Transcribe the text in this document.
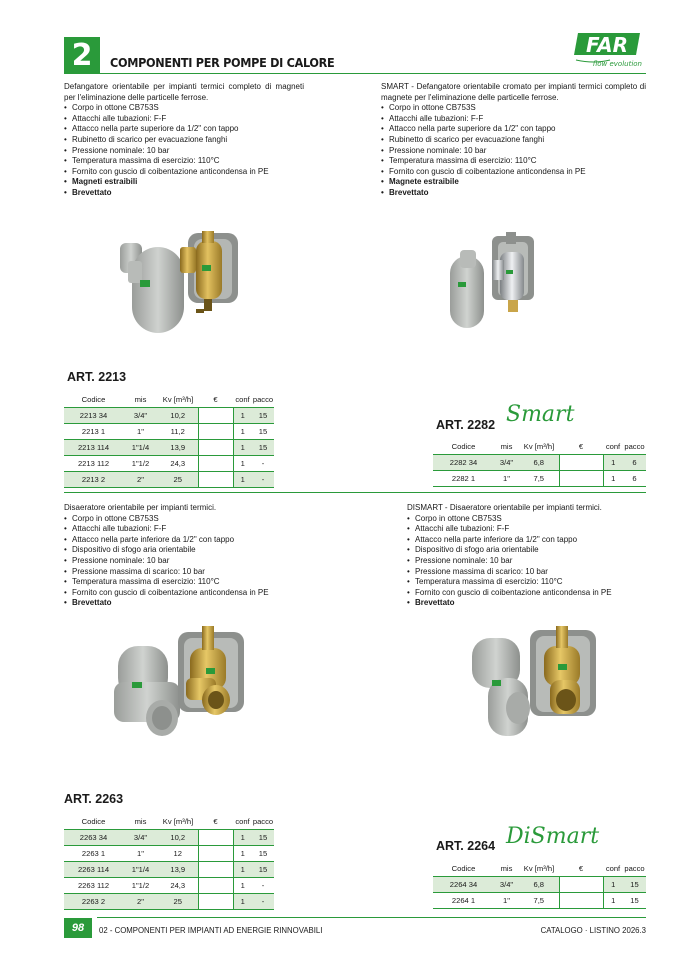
2	COMPONENTI PER POMPE DI CALORE
FAR
flow evolution

Defangatore orientabile per impianti termici completo di magneti per l'eliminazione delle particelle ferrose.

• Corpo in ottone CB753S
• Attacchi alle tubazioni: F-F
• Attacco nella parte superiore da 1/2" con tappo
• Rubinetto di scarico per evacuazione fanghi
• Pressione nominale: 10 bar
• Temperatura massima di esercizio: 110°C
• Fornito con guscio di coibentazione anticondensa in PE
• Magneti estraibili
• Brevettato

SMART - Defangatore orientabile cromato per impianti termici completo di magnete per l'eliminazione delle particelle ferrose.

• Corpo in ottone CB753S
• Attacchi alle tubazioni: F-F
• Attacco nella parte superiore da 1/2" con tappo
• Rubinetto di scarico per evacuazione fanghi
• Pressione nominale: 10 bar
• Temperatura massima di esercizio: 110°C
• Fornito con guscio di coibentazione anticondensa in PE
• Magnete estraibile
• Brevettato
ART. 2213
Codice	mis	Kv [m³/h]	€	conf	pacco
2213 34	3/4"	10,2		1	15
2213 1	1"	11,2		1	15
2213 114	1"1/4	13,9		1	15
2213 112	1"1/2	24,3		1	-
2213 2	2"	25		1	-
ART. 2282 Smart
Codice	mis	Kv [m³/h]	€	conf	pacco
2282 34	3/4"	6,8		1	6
2282 1	1"	7,5		1	6

Disaeratore orientabile per impianti termici.

• Corpo in ottone CB753S
• Attacchi alle tubazioni: F-F
• Attacco nella parte inferiore da 1/2" con tappo
• Dispositivo di sfogo aria orientabile
• Pressione nominale: 10 bar
• Pressione massima di scarico: 10 bar
• Temperatura massima di esercizio: 110°C
• Fornito con guscio di coibentazione anticondensa in PE
• Brevettato

DISMART - Disaeratore orientabile per impianti termici.

• Corpo in ottone CB753S
• Attacchi alle tubazioni: F-F
• Attacco nella parte inferiore da 1/2" con tappo
• Dispositivo di sfogo aria orientabile
• Pressione nominale: 10 bar
• Pressione massima di scarico: 10 bar
• Temperatura massima di esercizio: 110°C
• Fornito con guscio di coibentazione anticondensa in PE
• Brevettato
ART. 2263
Codice	mis	Kv [m³/h]	€	conf	pacco
2263 34	3/4"	10,2		1	15
2263 1	1"	12		1	15
2263 114	1"1/4	13,9		1	15
2263 112	1"1/2	24,3		1	-
2263 2	2"	25		1	-
ART. 2264 DiSmart
Codice	mis	Kv [m³/h]	€	conf	pacco
2264 34	3/4"	6,8		1	15
2264 1	1"	7,5		1	15
98	02 - COMPONENTI PER IMPIANTI AD ENERGIE RINNOVABILI	CATALOGO · LISTINO 2026.3
